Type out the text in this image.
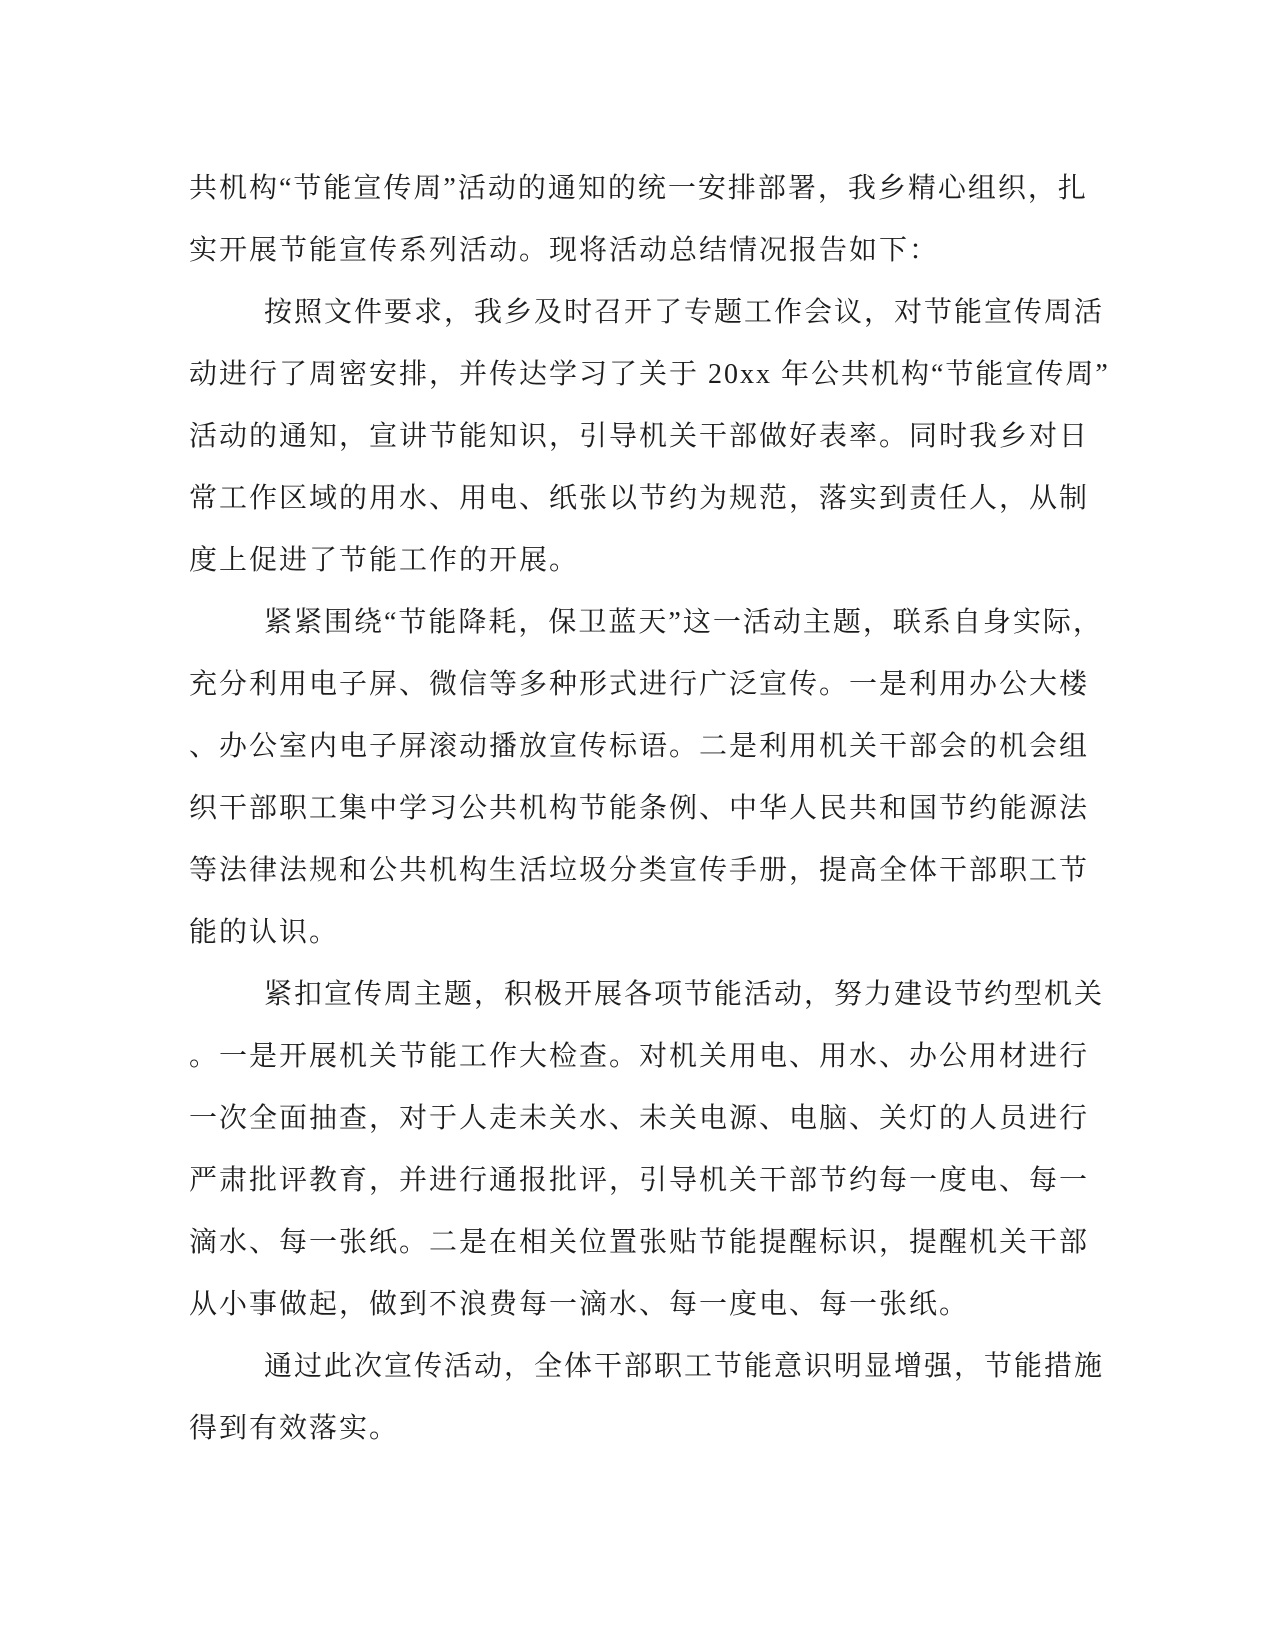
共机构“节能宣传周”活动的通知的统一安排部署，我乡精心组织，扎
实开展节能宣传系列活动。现将活动总结情况报告如下：
按照文件要求，我乡及时召开了专题工作会议，对节能宣传周活
动进行了周密安排，并传达学习了关于 20xx 年公共机构“节能宣传周”
活动的通知，宣讲节能知识，引导机关干部做好表率。同时我乡对日
常工作区域的用水、用电、纸张以节约为规范，落实到责任人，从制
度上促进了节能工作的开展。
紧紧围绕“节能降耗，保卫蓝天”这一活动主题，联系自身实际，
充分利用电子屏、微信等多种形式进行广泛宣传。一是利用办公大楼
、办公室内电子屏滚动播放宣传标语。二是利用机关干部会的机会组
织干部职工集中学习公共机构节能条例、中华人民共和国节约能源法
等法律法规和公共机构生活垃圾分类宣传手册，提高全体干部职工节
能的认识。
紧扣宣传周主题，积极开展各项节能活动，努力建设节约型机关
。一是开展机关节能工作大检查。对机关用电、用水、办公用材进行
一次全面抽查，对于人走未关水、未关电源、电脑、关灯的人员进行
严肃批评教育，并进行通报批评，引导机关干部节约每一度电、每一
滴水、每一张纸。二是在相关位置张贴节能提醒标识，提醒机关干部
从小事做起，做到不浪费每一滴水、每一度电、每一张纸。
通过此次宣传活动，全体干部职工节能意识明显增强，节能措施
得到有效落实。
